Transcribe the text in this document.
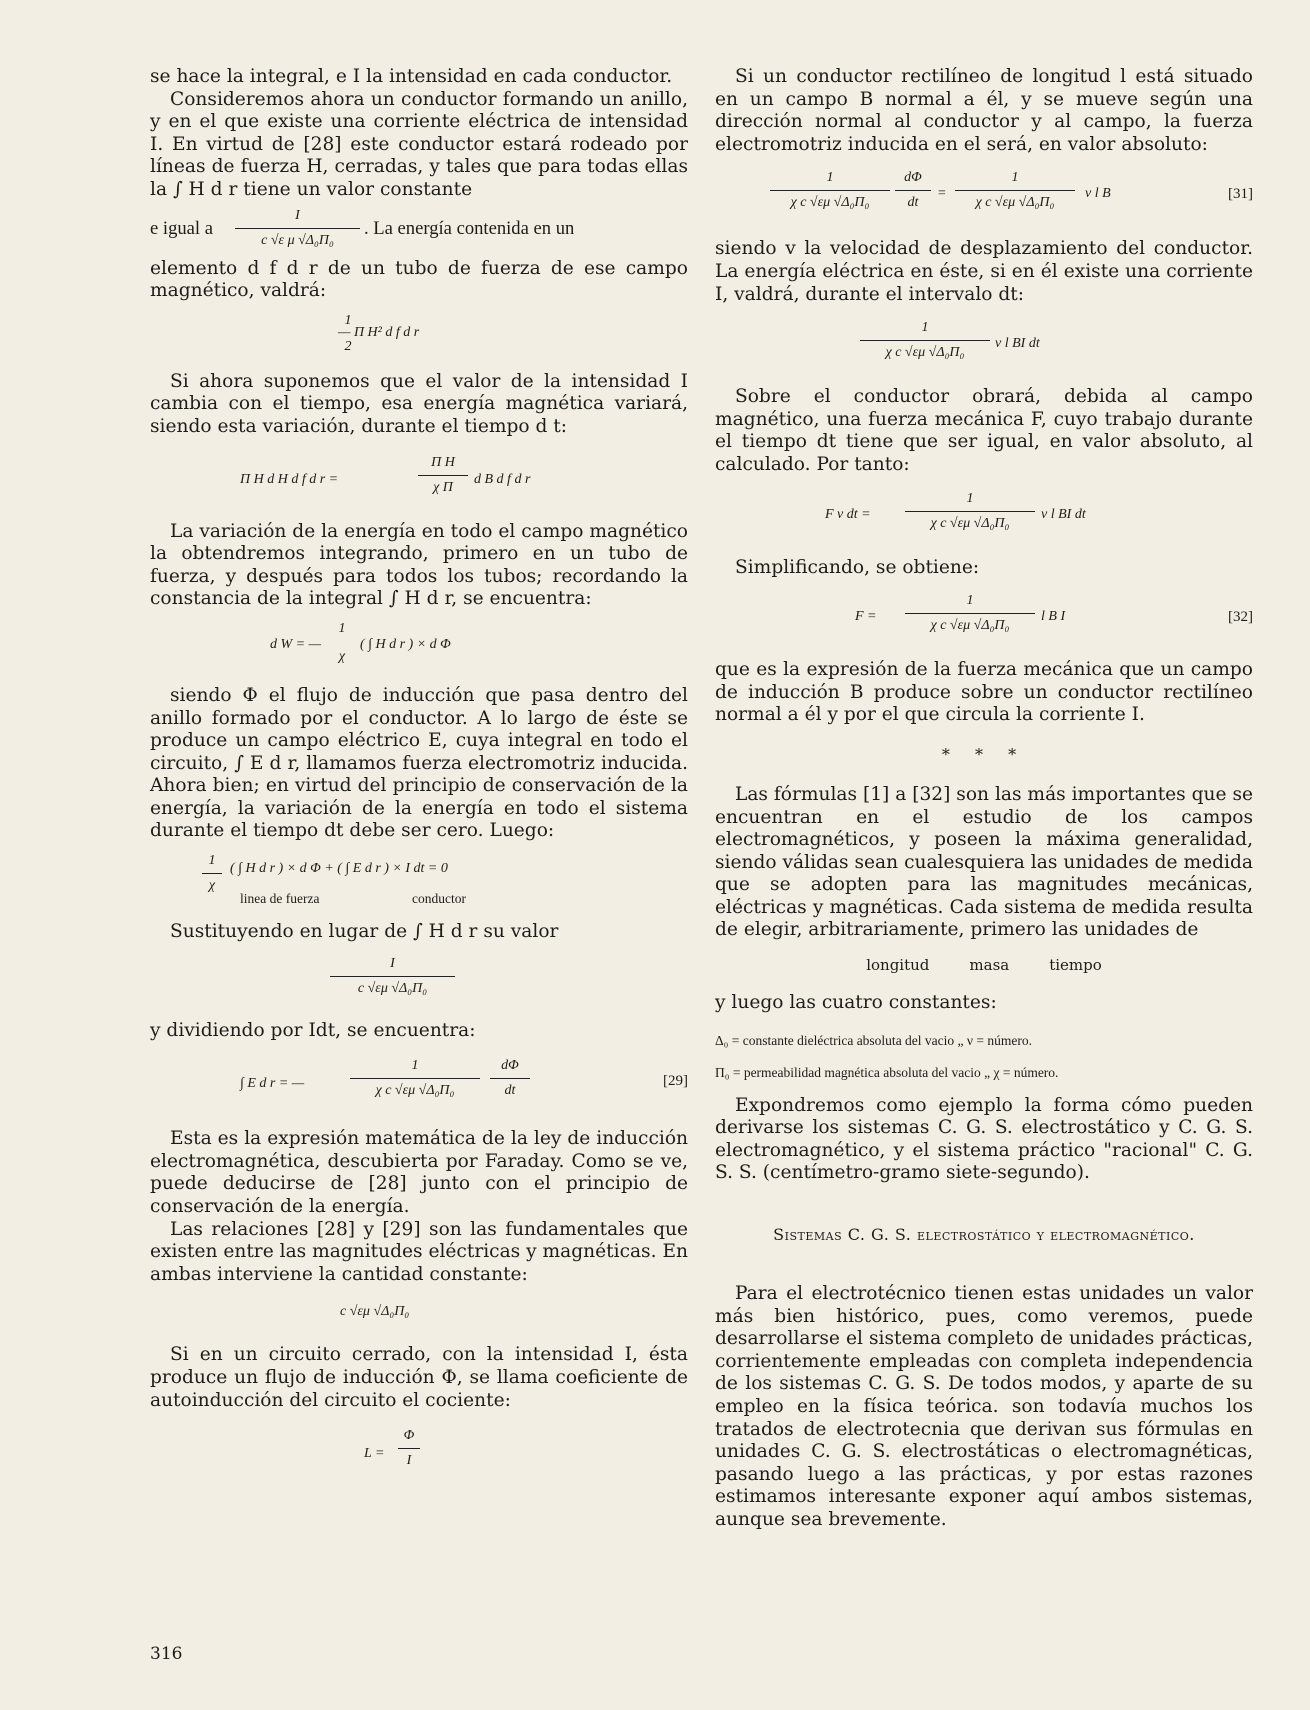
se hace la integral, e I la intensidad en cada conductor.

Consideremos ahora un conductor formando un anillo, y en el que existe una corriente eléctrica de intensidad I. En virtud de [28] este conductor estará rodeado por líneas de fuerza H, cerradas, y tales que para todas ellas la ∫ H d r tiene un valor constante

e igual a
I
c √ε μ √Δ₀Π₀
. La energía contenida en un

elemento d f d r de un tubo de fuerza de ese campo magnético, valdrá:

1
2
— Π H² d f d r

Si ahora suponemos que el valor de la intensidad I cambia con el tiempo, esa energía magnética variará, siendo esta variación, durante el tiempo d t:

Π H d H d f d r =
Π H
χ Π
d B d f d r

La variación de la energía en todo el campo magnético la obtendremos integrando, primero en un tubo de fuerza, y después para todos los tubos; recordando la constancia de la integral ∫ H d r, se encuentra:

d W = —
1
χ
( ∫ H d r ) × d Φ

siendo Φ el flujo de inducción que pasa dentro del anillo formado por el conductor. A lo largo de éste se produce un campo eléctrico E, cuya integral en todo el circuito, ∫ E d r, llamamos fuerza electromotriz inducida. Ahora bien; en virtud del principio de conservación de la energía, la variación de la energía en todo el sistema durante el tiempo dt debe ser cero. Luego:

1
χ
( ∫ H d r ) × d Φ + ( ∫ E d r ) × I dt = 0
linea de fuerza	conductor

Sustituyendo en lugar de ∫ H d r su valor

I
c √εμ √Δ₀Π₀

y dividiendo por Idt, se encuentra:

∫ E d r = —
1
χ c √εμ √Δ₀Π₀
dΦ
dt
[29]

Esta es la expresión matemática de la ley de inducción electromagnética, descubierta por Faraday. Como se ve, puede deducirse de [28] junto con el principio de conservación de la energía.

Las relaciones [28] y [29] son las fundamentales que existen entre las magnitudes eléctricas y magnéticas. En ambas interviene la cantidad constante:

c √εμ √Δ₀Π₀

Si en un circuito cerrado, con la intensidad I, ésta produce un flujo de inducción Φ, se llama coeficiente de autoinducción del circuito el cociente:

L =
Φ
I

Si un conductor rectilíneo de longitud l está situado en un campo B normal a él, y se mueve según una dirección normal al conductor y al campo, la fuerza electromotriz inducida en el será, en valor absoluto:

1
χ c √εμ √Δ₀Π₀
dΦ
dt
=
1
χ c √εμ √Δ₀Π₀
v l B	[31]

siendo v la velocidad de desplazamiento del conductor. La energía eléctrica en éste, si en él existe una corriente I, valdrá, durante el intervalo dt:

1
χ c √εμ √Δ₀Π₀
v l BI dt

Sobre el conductor obrará, debida al campo magnético, una fuerza mecánica F, cuyo trabajo durante el tiempo dt tiene que ser igual, en valor absoluto, al calculado. Por tanto:

F v dt =
1
χ c √εμ √Δ₀Π₀
v l BI dt

Simplificando, se obtiene:

F =
1
χ c √εμ √Δ₀Π₀
l B I	[32]

que es la expresión de la fuerza mecánica que un campo de inducción B produce sobre un conductor rectilíneo normal a él y por el que circula la corriente I.

* * *

Las fórmulas [1] a [32] son las más importantes que se encuentran en el estudio de los campos electromagnéticos, y poseen la máxima generalidad, siendo válidas sean cualesquiera las unidades de medida que se adopten para las magnitudes mecánicas, eléctricas y magnéticas. Cada sistema de medida resulta de elegir, arbitrariamente, primero las unidades de

longitud	masa	tiempo

y luego las cuatro constantes:

Δ₀ = constante dieléctrica absoluta del vacio „ ν = número.
Π₀ = permeabilidad magnética absoluta del vacio „ χ = número.

Expondremos como ejemplo la forma cómo pueden derivarse los sistemas C. G. S. electrostático y C. G. S. electromagnético, y el sistema práctico "racional" C. G. S. S. (centímetro-gramo siete-segundo).

Sistemas C. G. S. electrostático y electromagnético.

Para el electrotécnico tienen estas unidades un valor más bien histórico, pues, como veremos, puede desarrollarse el sistema completo de unidades prácticas, corrientemente empleadas con completa independencia de los sistemas C. G. S. De todos modos, y aparte de su empleo en la física teórica. son todavía muchos los tratados de electrotecnia que derivan sus fórmulas en unidades C. G. S. electrostáticas o electromagnéticas, pasando luego a las prácticas, y por estas razones estimamos interesante exponer aquí ambos sistemas, aunque sea brevemente.

316
